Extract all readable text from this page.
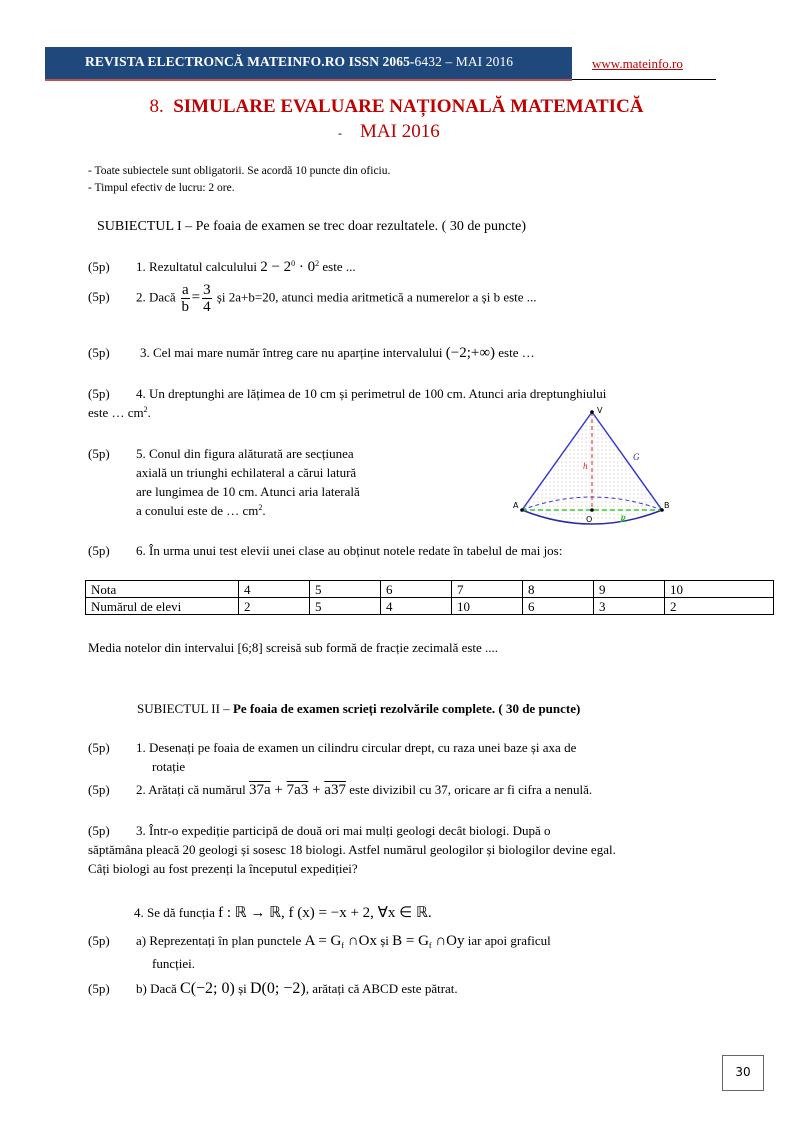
REVISTA ELECTRONCĂ MATEINFO.RO ISSN 2065-6432 – MAI 2016	www.mateinfo.ro
8. SIMULARE EVALUARE NAȚIONALĂ MATEMATICĂ
- MAI 2016
- Toate subiectele sunt obligatorii. Se acordă 10 puncte din oficiu.
- Timpul efectiv de lucru: 2 ore.
SUBIECTUL I – Pe foaia de examen se trec doar rezultatele. ( 30 de puncte)
(5p) 1. Rezultatul calculului $2 - 2^0 \cdot 0^2$ este ...
(5p) 2. Dacă $\frac{a}{b} = \frac{3}{4}$ și 2a+b=20, atunci media aritmetică a numerelor a și b este ...
(5p) 3. Cel mai mare număr întreg care nu aparține intervalului (−2;+∞) este …
(5p) 4. Un dreptunghi are lățimea de 10 cm și perimetrul de 100 cm. Atunci aria dreptunghiului
este … $cm^2$.
(5p) 5. Conul din figura alăturată are secțiunea
axială un triunghi echilateral a cărui latură
are lungimea de 10 cm. Atunci aria laterală
a conului este de … $cm^2$.
V
A	B
O
h
G
R
(5p) 6. În urma unui test elevii unei clase au obținut notele redate în tabelul de mai jos:
Nota	4	5	6	7	8	9	10
Numărul de elevi	2	5	4	10	6	3	2
Media notelor din intervalui [6;8] screisă sub formă de fracție zecimală este ....
SUBIECTUL II – Pe foaia de examen scrieți rezolvările complete. ( 30 de puncte)
(5p) 1. Desenați pe foaia de examen un cilindru circular drept, cu raza unei baze și axa de
rotație
(5p) 2. Arătați că numărul 37a + 7a3 + a37 este divizibil cu 37, oricare ar fi cifra a nenulă.
(5p) 3. Într-o expediție participă de două ori mai mulți geologi decât biologi. După o
săptămâna pleacă 20 geologi și sosesc 18 biologi. Astfel numărul geologilor și biologilor devine egal.
Câți biologi au fost prezenți la începutul expediției?
4. Se dă funcția f : ℝ → ℝ, f (x) = −x + 2, ∀x ∈ ℝ.
(5p) a) Reprezentați în plan punctele $A = G_f$ ∩Ox și $B = G_f$ ∩Oy iar apoi graficul
funcției.
(5p) b) Dacă C(−2; 0) și D(0; −2), arătați că ABCD este pătrat.
30
